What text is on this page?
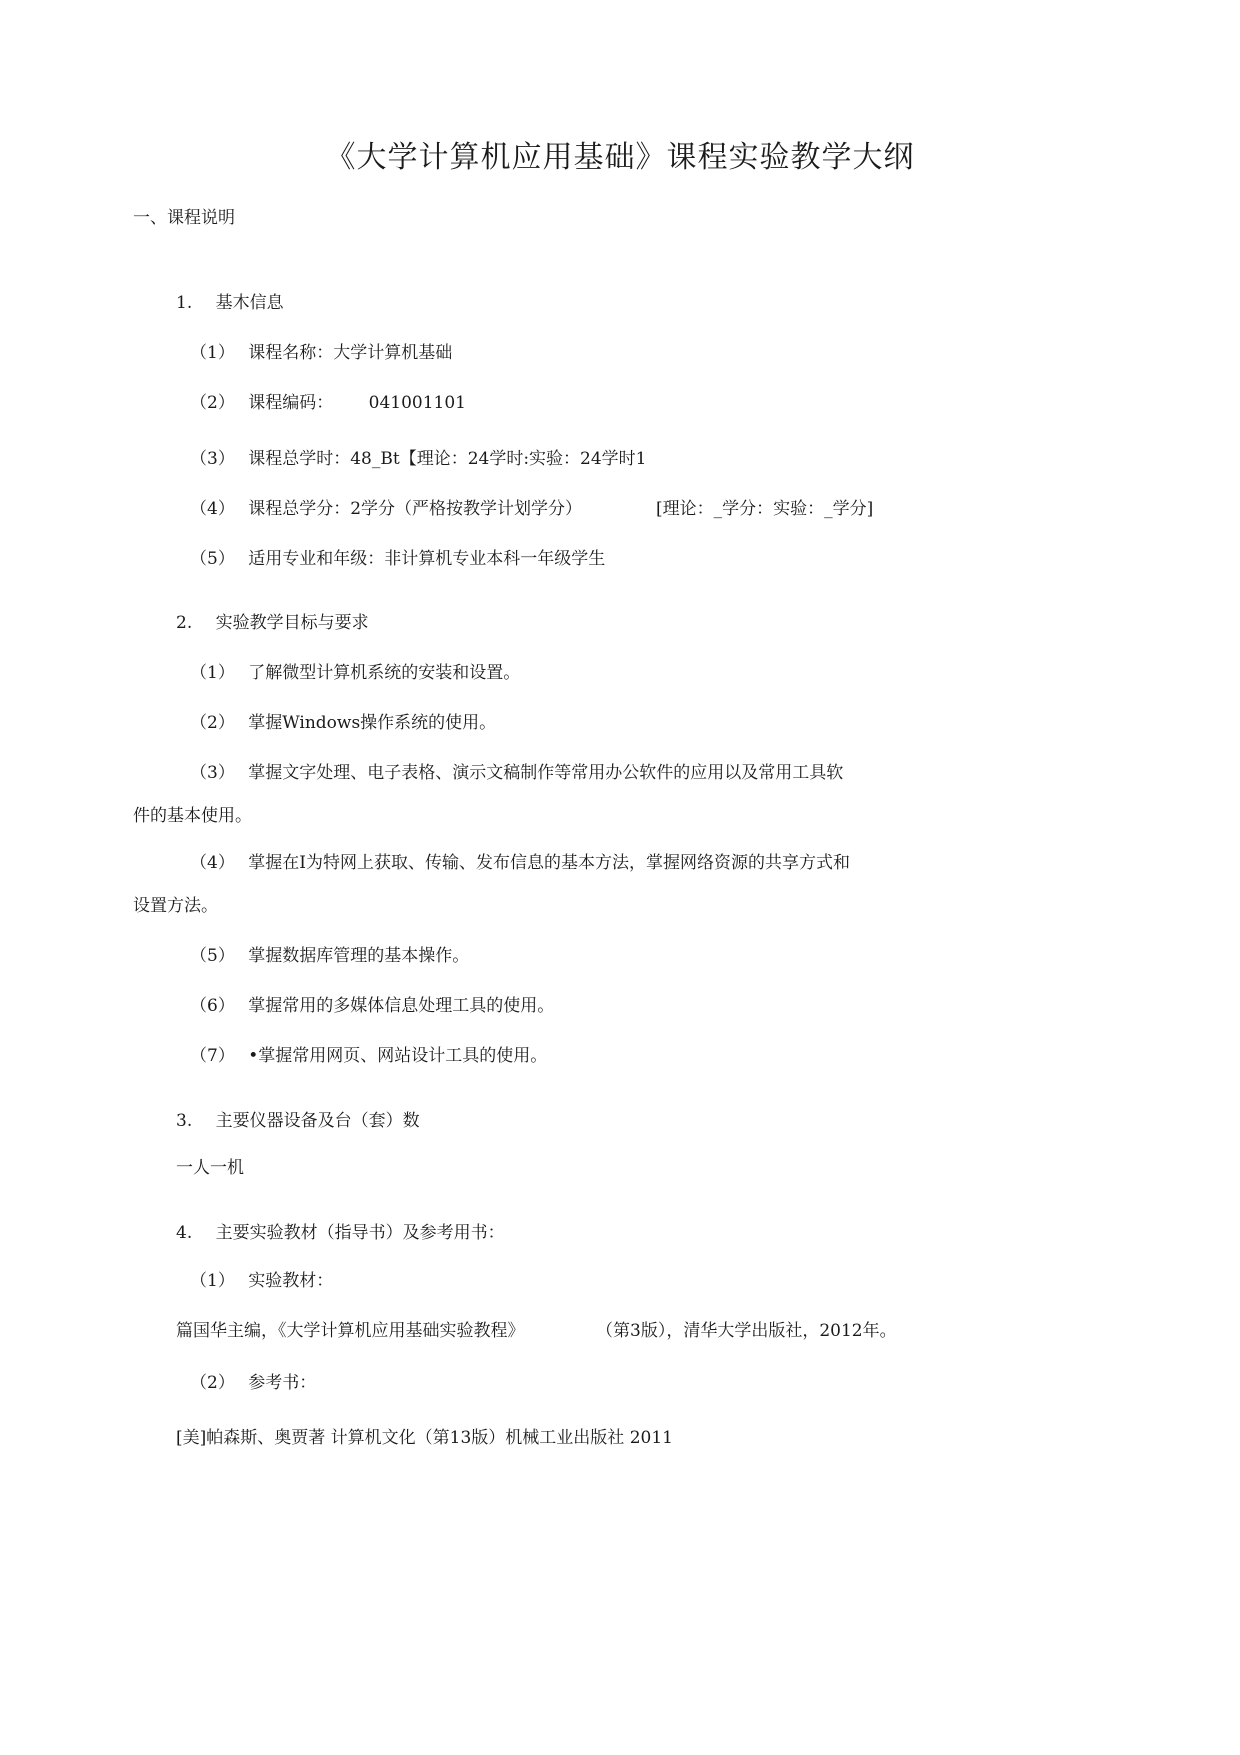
《大学计算机应用基础》课程实验教学大纲
一、课程说明
1. 基木信息
（1） 课程名称：大学计算机基础
（2） 课程编码： 041001101
（3） 课程总学时：48_Bt【理论：24学时:实验：24学时1
（4） 课程总学分：2学分（严格按教学计划学分）	[理论：_学分：实验：_学分]
（5） 适用专业和年级：非计算机专业本科一年级学生
2. 实验教学目标与要求
（1） 了解微型计算机系统的安装和设置。
（2） 掌握Windows操作系统的使用。
（3） 掌握文字处理、电子表格、演示文稿制作等常用办公软件的应用以及常用工具软
件的基本使用。
（4） 掌握在I为特网上获取、传输、发布信息的基本方法，掌握网络资源的共享方式和
设置方法。
（5） 掌握数据库管理的基本操作。
（6） 掌握常用的多媒体信息处理工具的使用。
（7） •掌握常用网页、网站设计工具的使用。
3. 主要仪器设备及台（套）数
一人一机
4. 主要实验教材（指导书）及参考用书：
（1） 实验教材：
篇国华主编，《大学计算机应用基础实验教程》	（第3版），清华大学出版社，2012年。
（2） 参考书：
[美]帕森斯、奥贾著 计算机文化（第13版）机械工业出版社 2011
